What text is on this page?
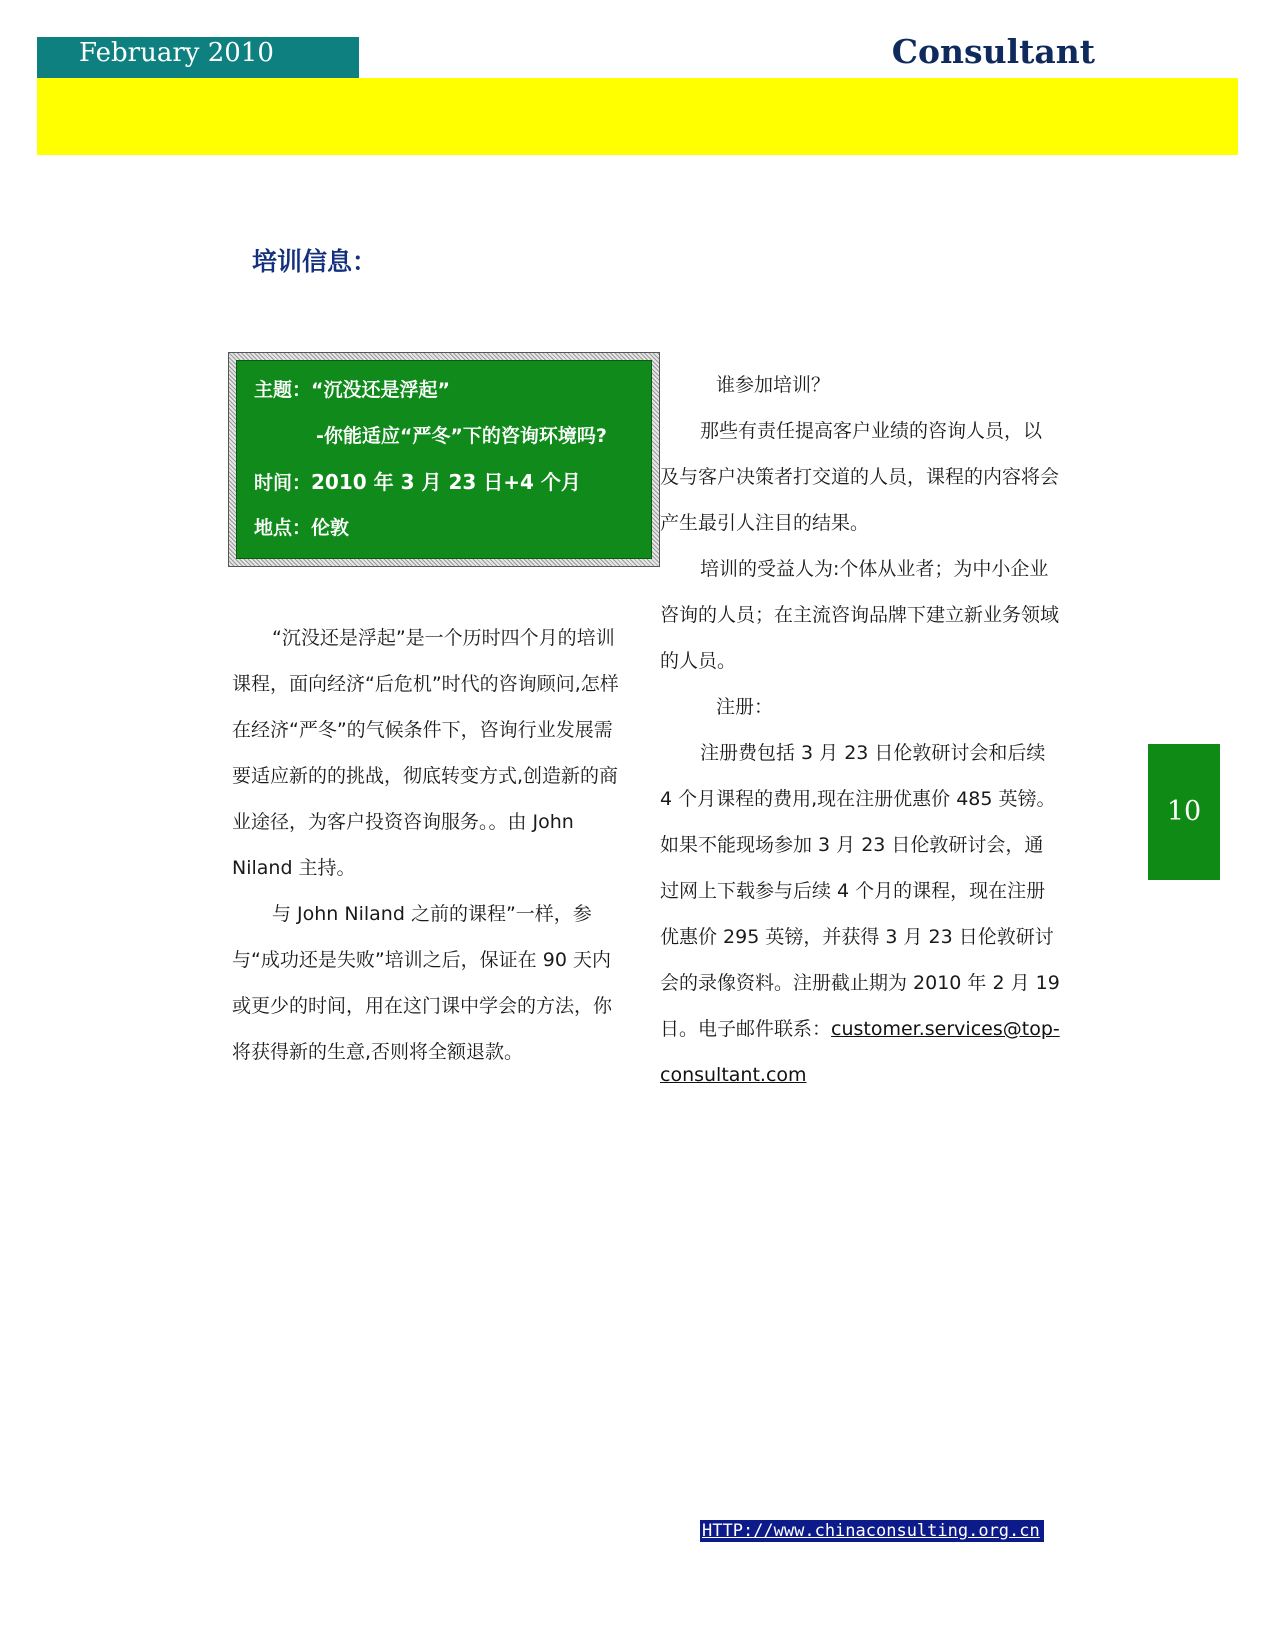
February 2010	Consultant
培训信息：
主题：“沉没还是浮起”
-你能适应“严冬”下的咨询环境吗?
时间：2010 年 3 月 23 日+4 个月
地点：伦敦

“沉没还是浮起”是一个历时四个月的培训课程，面向经济“后危机”时代的咨询顾问,怎样在经济“严冬”的气候条件下，咨询行业发展需要适应新的的挑战，彻底转变方式,创造新的商业途径，为客户投资咨询服务。。由 John Niland 主持。

与 John Niland 之前的课程”一样，参与“成功还是失败”培训之后，保证在 90 天内或更少的时间，用在这门课中学会的方法，你将获得新的生意,否则将全额退款。

谁参加培训？

那些有责任提高客户业绩的咨询人员，以及与客户决策者打交道的人员，课程的内容将会产生最引人注目的结果。

培训的受益人为:个体从业者；为中小企业咨询的人员；在主流咨询品牌下建立新业务领域的人员。

注册：

注册费包括 3 月 23 日伦敦研讨会和后续 4 个月课程的费用,现在注册优惠价 485 英镑。如果不能现场参加 3 月 23 日伦敦研讨会，通过网上下载参与后续 4 个月的课程，现在注册优惠价 295 英镑，并获得 3 月 23 日伦敦研讨会的录像资料。注册截止期为 2010 年 2 月 19 日。电子邮件联系：customer.services@top-consultant.com

10
HTTP://www.chinaconsulting.org.cn
